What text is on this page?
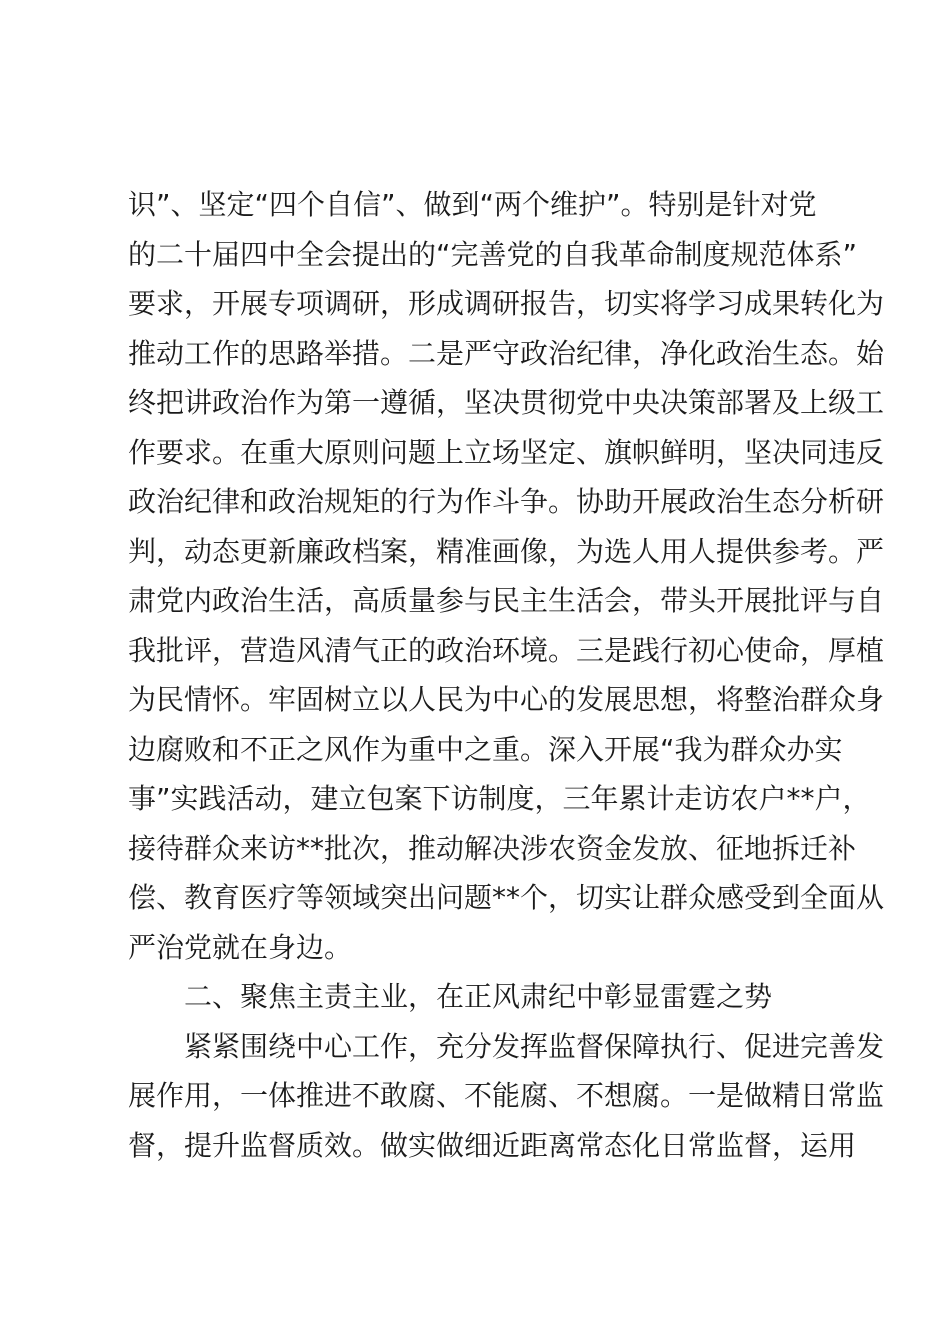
识”、坚定“四个自信”、做到“两个维护”。特别是针对党
的二十届四中全会提出的“完善党的自我革命制度规范体系”
要求，开展专项调研，形成调研报告，切实将学习成果转化为
推动工作的思路举措。二是严守政治纪律，净化政治生态。始
终把讲政治作为第一遵循，坚决贯彻党中央决策部署及上级工
作要求。在重大原则问题上立场坚定、旗帜鲜明，坚决同违反
政治纪律和政治规矩的行为作斗争。协助开展政治生态分析研
判，动态更新廉政档案，精准画像，为选人用人提供参考。严
肃党内政治生活，高质量参与民主生活会，带头开展批评与自
我批评，营造风清气正的政治环境。三是践行初心使命，厚植
为民情怀。牢固树立以人民为中心的发展思想，将整治群众身
边腐败和不正之风作为重中之重。深入开展“我为群众办实
事”实践活动，建立包案下访制度，三年累计走访农户**户，
接待群众来访**批次，推动解决涉农资金发放、征地拆迁补
偿、教育医疗等领域突出问题**个，切实让群众感受到全面从
严治党就在身边。
二、聚焦主责主业，在正风肃纪中彰显雷霆之势
紧紧围绕中心工作，充分发挥监督保障执行、促进完善发
展作用，一体推进不敢腐、不能腐、不想腐。一是做精日常监
督，提升监督质效。做实做细近距离常态化日常监督，运用
